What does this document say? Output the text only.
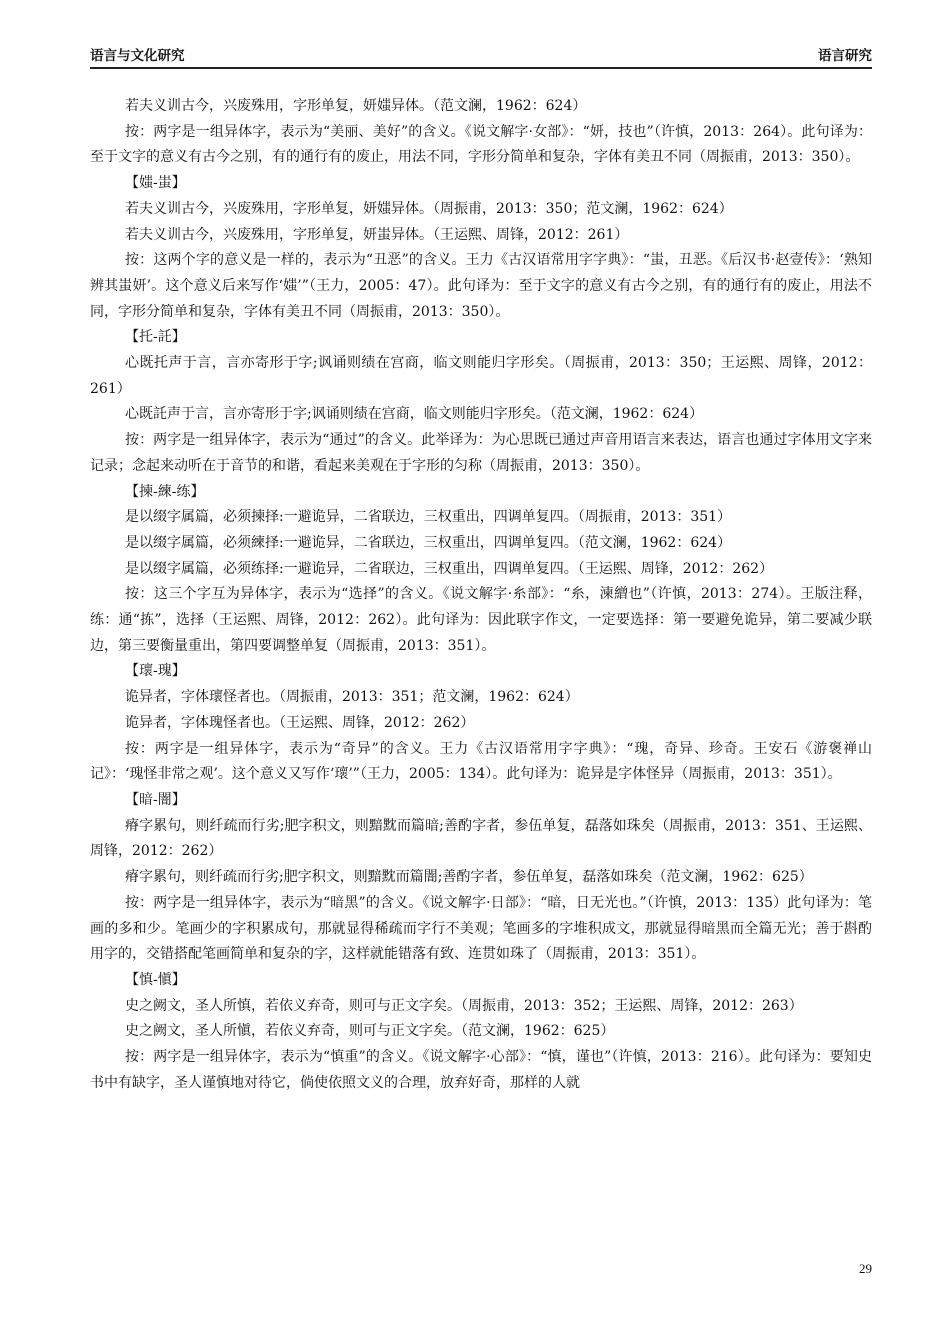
语言与文化研究	语言研究

若夫义训古今，兴废殊用，字形单复，妍媸异体。（范文澜，1962：624）

按：两字是一组异体字，表示为“美丽、美好”的含义。《说文解字·女部》：“妍，技也”（许慎，2013：264）。此句译为：至于文字的意义有古今之别，有的通行有的废止，用法不同，字形分简单和复杂，字体有美丑不同（周振甫，2013：350）。

【媸-蚩】

若夫义训古今，兴废殊用，字形单复，妍媸异体。（周振甫，2013：350；范文澜，1962：624）

若夫义训古今，兴废殊用，字形单复，妍蚩异体。（王运熙、周锋，2012：261）

按：这两个字的意义是一样的，表示为“丑恶”的含义。王力《古汉语常用字字典》：“蚩，丑恶。《后汉书·赵壹传》：‘熟知辨其蚩妍’。这个意义后来写作‘媸’”（王力，2005：47）。此句译为：至于文字的意义有古今之别，有的通行有的废止，用法不同，字形分简单和复杂，字体有美丑不同（周振甫，2013：350）。

【托-託】

心既托声于言，言亦寄形于字;讽诵则绩在宫商，临文则能归字形矣。（周振甫，2013：350；王运熙、周锋，2012：261）

心既託声于言，言亦寄形于字;讽诵则绩在宫商，临文则能归字形矣。（范文澜，1962：624）

按：两字是一组异体字，表示为“通过”的含义。此举译为：为心思既已通过声音用语言来表达，语言也通过字体用文字来记录；念起来动听在于音节的和谐，看起来美观在于字形的匀称（周振甫，2013：350）。

【揀-練-练】

是以缀字属篇，必须揀择:一避诡异，二省联边，三权重出，四调单复四。（周振甫，2013：351）

是以缀字属篇，必须練择:一避诡异，二省联边，三权重出，四调单复四。（范文澜，1962：624）

是以缀字属篇，必须练择:一避诡异，二省联边，三权重出，四调单复四。（王运熙、周锋，2012：262）

按：这三个字互为异体字，表示为“选择”的含义。《说文解字·糸部》：“糸，湅繒也”（许慎，2013：274）。王版注释，练：通“拣”，选择（王运熙、周锋，2012：262）。此句译为：因此联字作文，一定要选择：第一要避免诡异，第二要减少联边，第三要衡量重出，第四要调整单复（周振甫，2013：351）。

【瓌-瑰】

诡异者，字体瓌怪者也。（周振甫，2013：351；范文澜，1962：624）

诡异者，字体瑰怪者也。（王运熙、周锋，2012：262）

按：两字是一组异体字，表示为“奇异”的含义。王力《古汉语常用字字典》：“瑰，奇异、珍奇。王安石《游褒禅山记》：‘瑰怪非常之观’。这个意义又写作‘瓌’”（王力，2005：134）。此句译为：诡异是字体怪异（周振甫，2013：351）。

【暗-闇】

瘠字累句，则纤疏而行劣;肥字积文，则黯黕而篇暗;善酌字者，参伍单复，磊落如珠矣（周振甫，2013：351、王运熙、周锋，2012：262）

瘠字累句，则纤疏而行劣;肥字积文，则黯黕而篇闇;善酌字者，参伍单复，磊落如珠矣（范文澜，1962：625）

按：两字是一组异体字，表示为“暗黑”的含义。《说文解字·日部》：“暗，日无光也。”（许慎，2013：135）此句译为：笔画的多和少。笔画少的字积累成句，那就显得稀疏而字行不美观；笔画多的字堆积成文，那就显得暗黑而全篇无光；善于斟酌用字的，交错搭配笔画简单和复杂的字，这样就能错落有致、连贯如珠了（周振甫，2013：351）。

【慎-愼】

史之阙文，圣人所慎，若依义弃奇，则可与正文字矣。（周振甫，2013：352；王运熙、周锋，2012：263）

史之阙文，圣人所愼，若依义弃奇，则可与正文字矣。（范文澜，1962：625）

按：两字是一组异体字，表示为“慎重”的含义。《说文解字·心部》：“慎，谨也”（许慎，2013：216）。此句译为：要知史书中有缺字，圣人谨慎地对待它，倘使依照文义的合理，放弃好奇，那样的人就

29
